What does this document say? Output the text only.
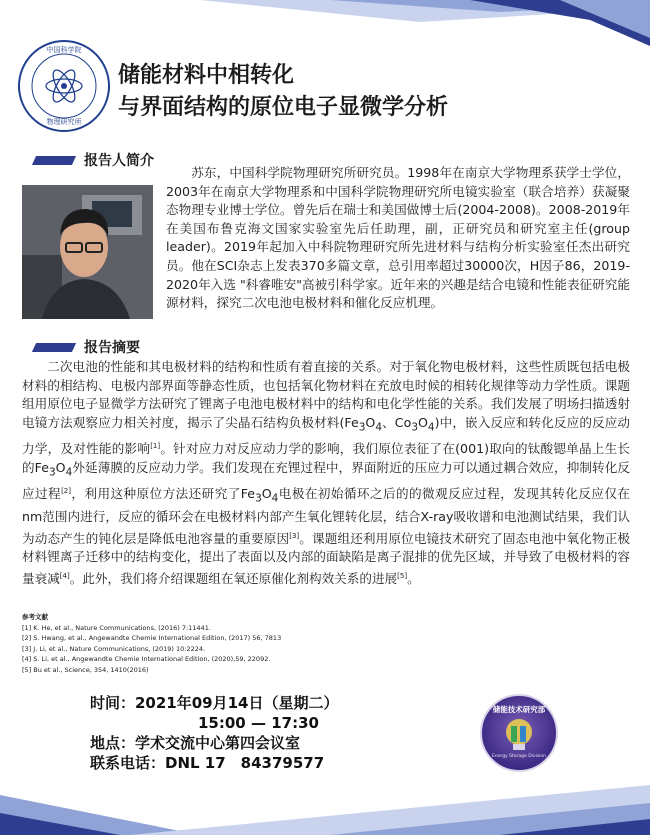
中国科学院
物理研究所
储能材料中相转化
与界面结构的原位电子显微学分析
报告人简介
苏东，中国科学院物理研究所研究员。1998年在南京大学物理系获学士学位，2003年在南京大学物理系和中国科学院物理研究所电镜实验室（联合培养）获凝聚态物理专业博士学位。曾先后在瑞士和美国做博士后(2004-2008)。2008-2019年在美国布鲁克海文国家实验室先后任助理，副，正研究员和研究室主任(group　leader)。2019年起加入中科院物理研究所先进材料与结构分析实验室任杰出研究员。他在SCI杂志上发表370多篇文章，总引用率超过30000次，H因子86，2019-2020年入选 "科睿唯安"高被引科学家。近年来的兴趣是结合电镜和性能表征研究能源材料，探究二次电池电极材料和催化反应机理。
报告摘要
二次电池的性能和其电极材料的结构和性质有着直接的关系。对于氧化物电极材料，这些性质既包括电极材料的相结构、电极内部界面等静态性质，也包括氧化物材料在充放电时候的相转化规律等动力学性质。课题组用原位电子显微学方法研究了锂离子电池电极材料中的结构和电化学性能的关系。我们发展了明场扫描透射电镜方法观察应力相关衬度，揭示了尖晶石结构负极材料($Fe_3O_4$、$Co_3O_4$)中，嵌入反应和转化反应的反应动力学，及对性能的影响[1]。针对应力对反应动力学的影响，我们原位表征了在(001)取向的钛酸锶单晶上生长的$Fe_3O_4$外延薄膜的反应动力学。我们发现在充锂过程中，界面附近的压应力可以通过耦合效应，抑制转化反应过程[2]，利用这种原位方法还研究了$Fe_3O_4$电极在初始循环之后的的微观反应过程，发现其转化反应仅在nm范围内进行，反应的循环会在电极材料内部产生氧化锂转化层，结合X-ray吸收谱和电池测试结果，我们认为动态产生的钝化层是降低电池容量的重要原因[3]。课题组还利用原位电镜技术研究了固态电池中氧化物正极材料锂离子迁移中的结构变化，提出了表面以及内部的面缺陷是离子混排的优先区域，并导致了电极材料的容量衰减[4]。此外，我们将介绍课题组在氧还原催化剂构效关系的进展[5]。
参考文献
[1] K. He, et al., Nature Communications, (2016) 7:11441.
[2] S. Hwang, et al., Angewandte Chemie International Edition, (2017) 56, 7813
[3] J. Li, et al., Nature Communications, (2019) 10:2224.
[4] S. Li, et al., Angewandte Chemie International Edition, (2020),59, 22092.
[5] Bu et al., Science, 354, 1410(2016)
时间：2021年09月14日（星期二）
15:00 — 17:30
地点：学术交流中心第四会议室
联系电话：DNL 17　84379577
储能技术研究部
Energy Storage Division
